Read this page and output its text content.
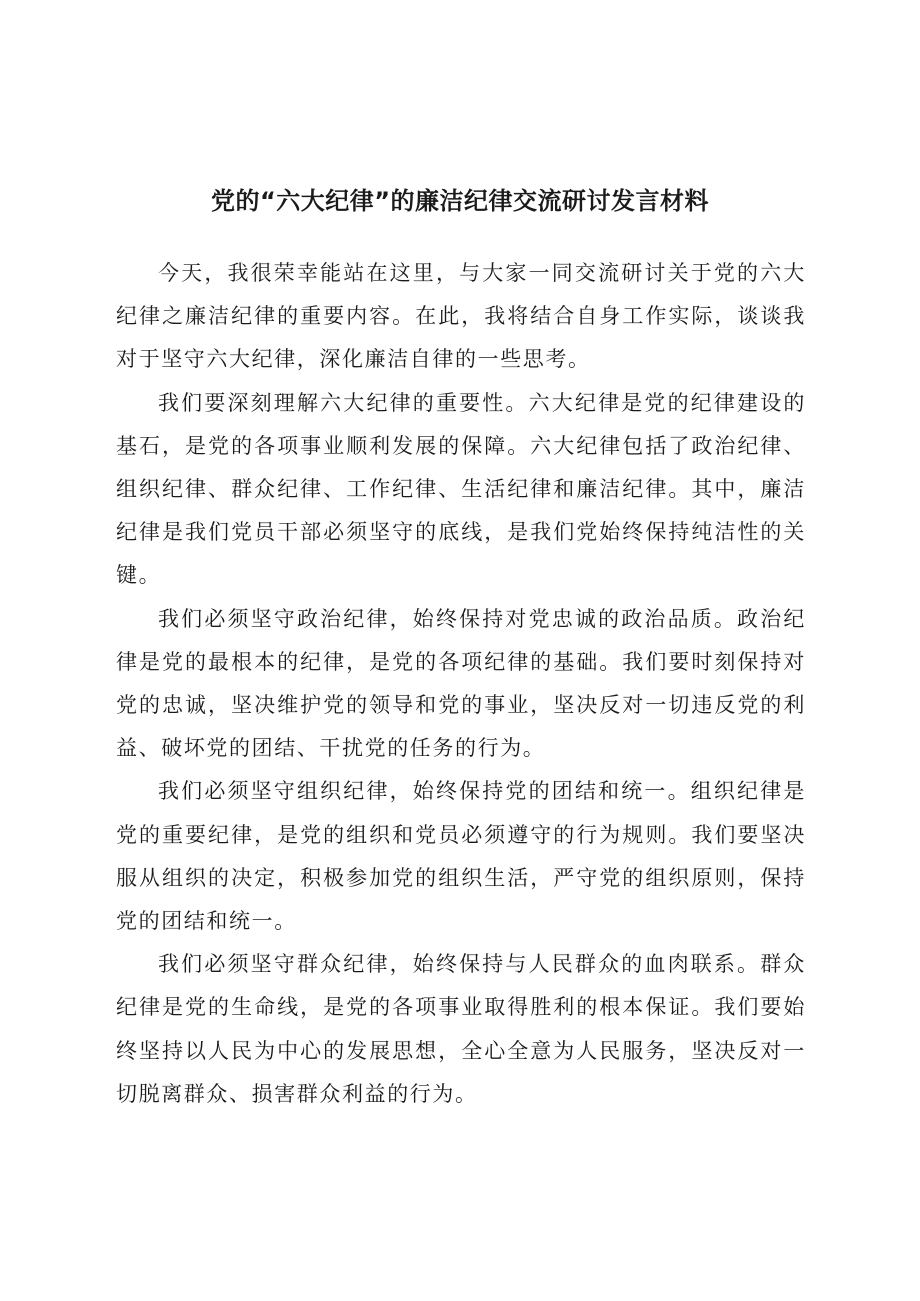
党的“六大纪律”的廉洁纪律交流研讨发言材料

今天，我很荣幸能站在这里，与大家一同交流研讨关于党的六大纪律之廉洁纪律的重要内容。在此，我将结合自身工作实际，谈谈我对于坚守六大纪律，深化廉洁自律的一些思考。

我们要深刻理解六大纪律的重要性。六大纪律是党的纪律建设的基石，是党的各项事业顺利发展的保障。六大纪律包括了政治纪律、组织纪律、群众纪律、工作纪律、生活纪律和廉洁纪律。其中，廉洁纪律是我们党员干部必须坚守的底线，是我们党始终保持纯洁性的关键。

我们必须坚守政治纪律，始终保持对党忠诚的政治品质。政治纪律是党的最根本的纪律，是党的各项纪律的基础。我们要时刻保持对党的忠诚，坚决维护党的领导和党的事业，坚决反对一切违反党的利益、破坏党的团结、干扰党的任务的行为。

我们必须坚守组织纪律，始终保持党的团结和统一。组织纪律是党的重要纪律，是党的组织和党员必须遵守的行为规则。我们要坚决服从组织的决定，积极参加党的组织生活，严守党的组织原则，保持党的团结和统一。

我们必须坚守群众纪律，始终保持与人民群众的血肉联系。群众纪律是党的生命线，是党的各项事业取得胜利的根本保证。我们要始终坚持以人民为中心的发展思想，全心全意为人民服务，坚决反对一切脱离群众、损害群众利益的行为。
